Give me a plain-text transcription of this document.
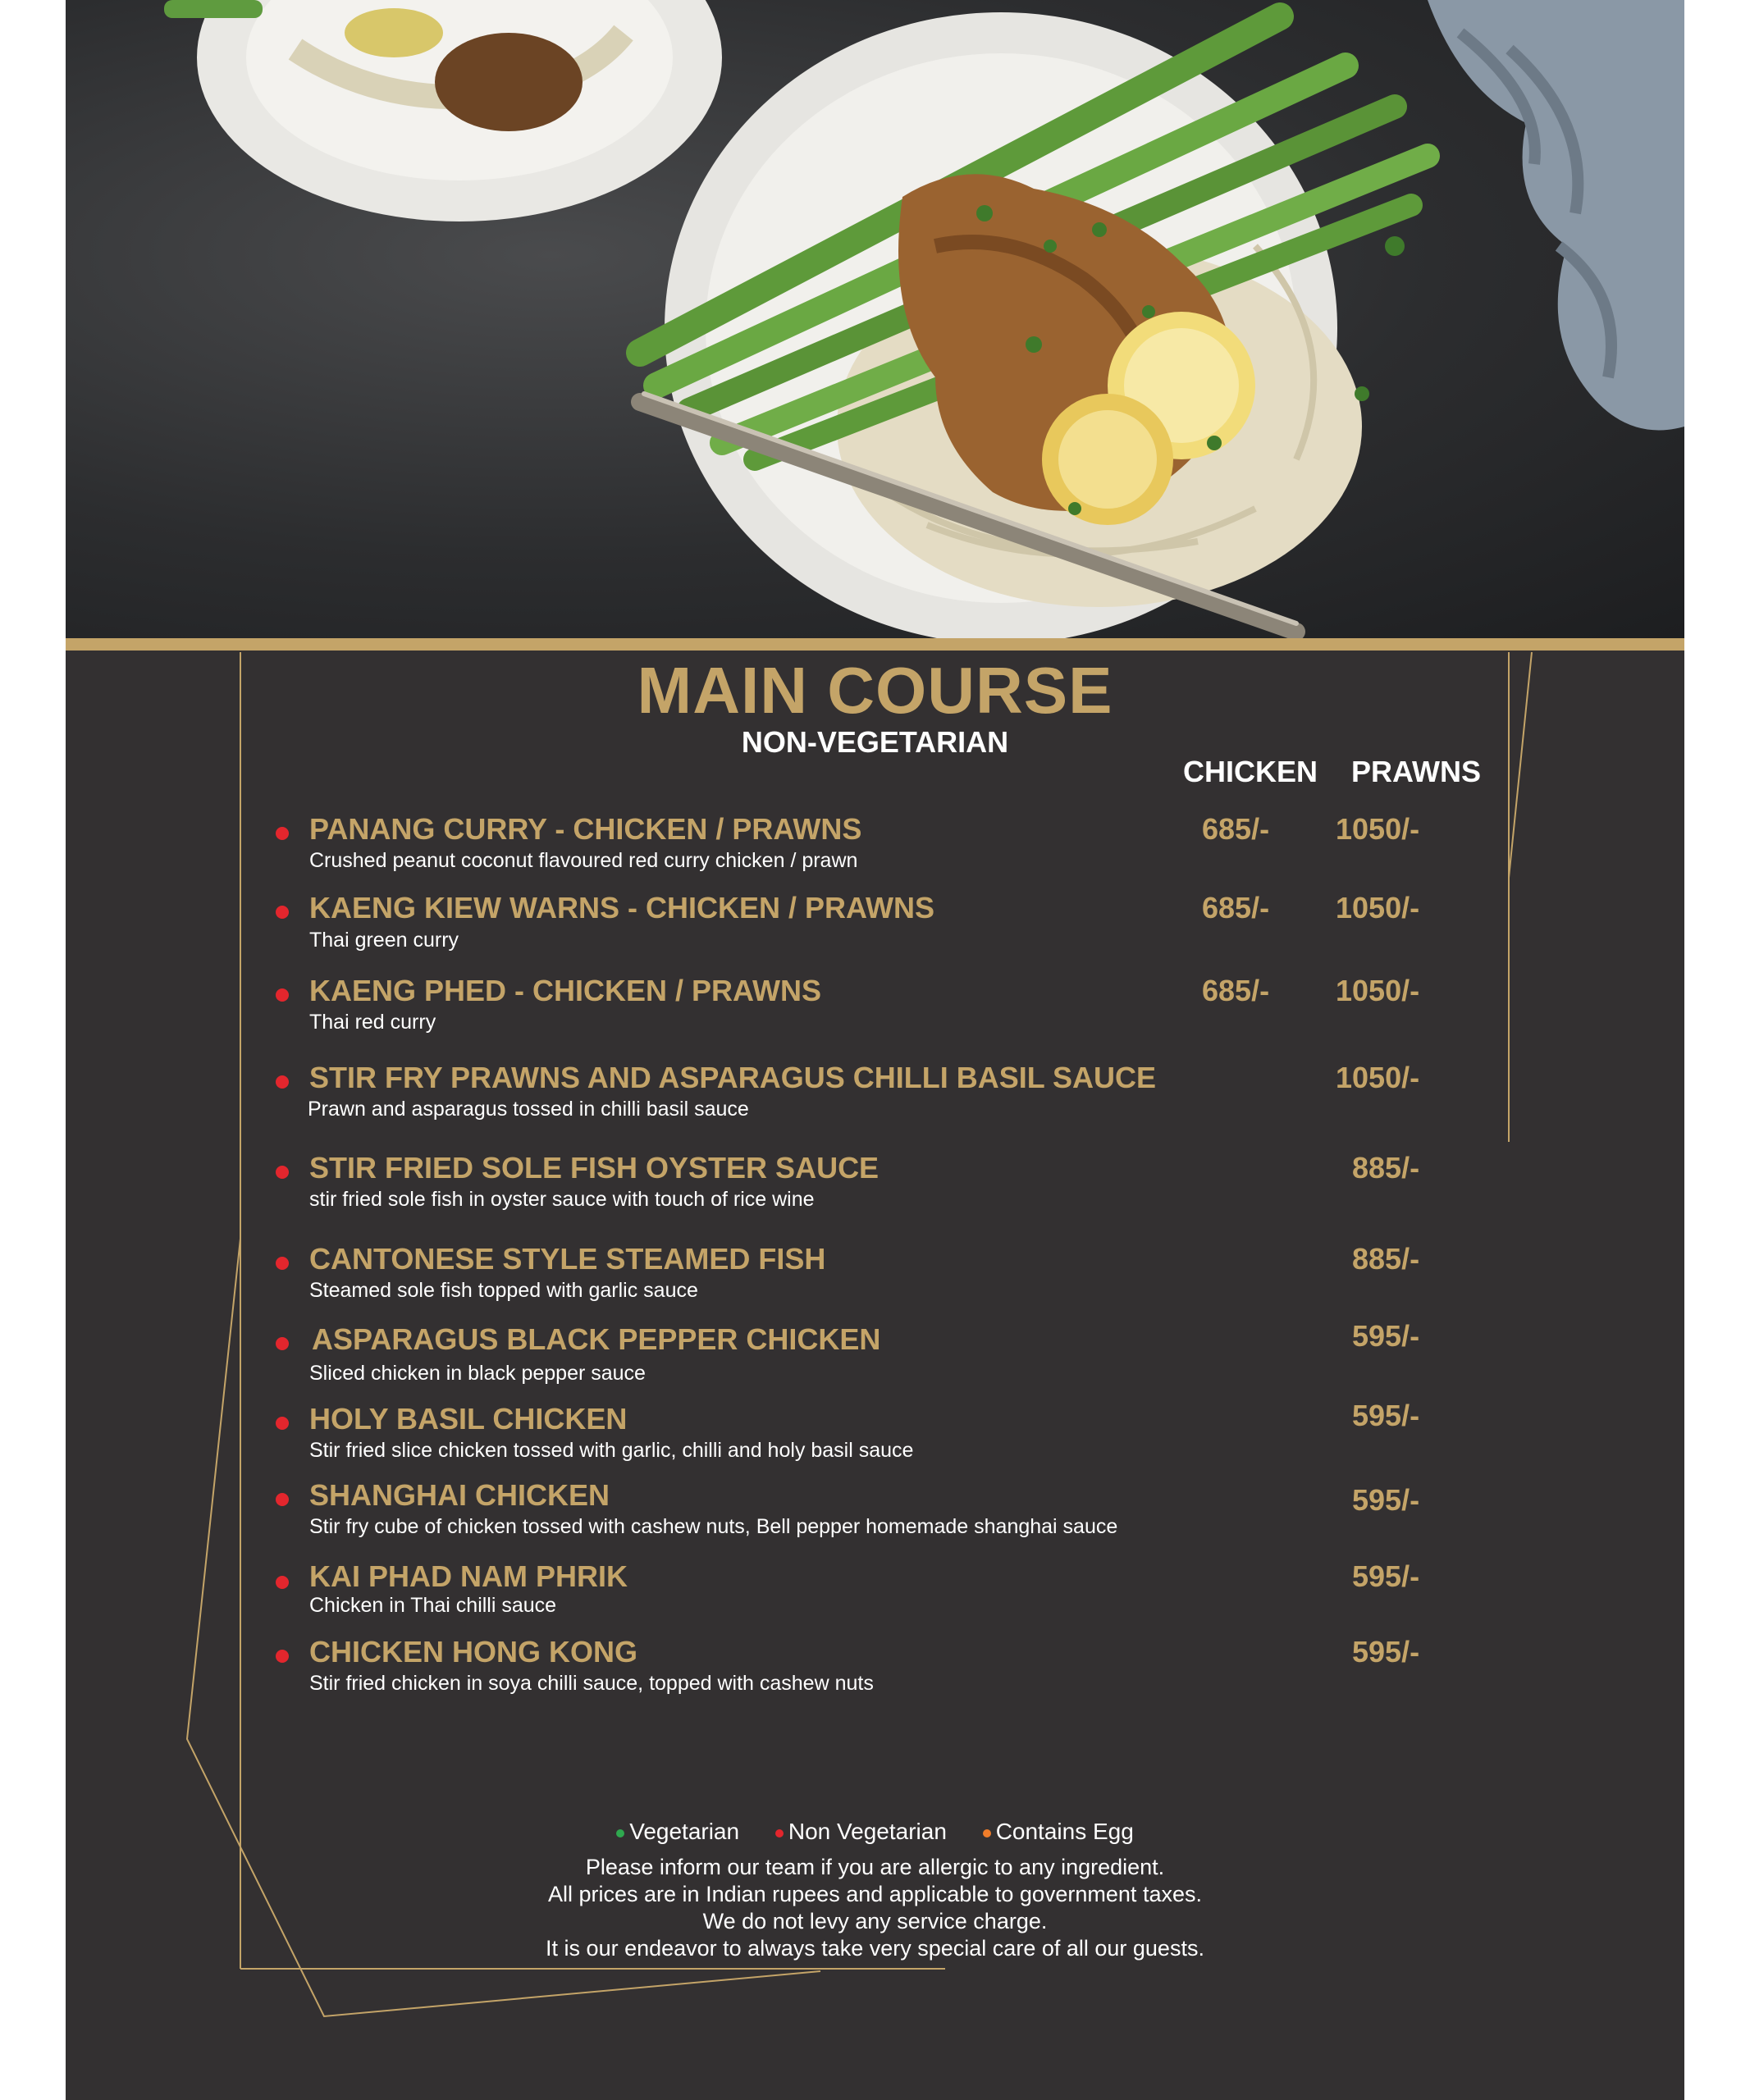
MAIN COURSE
NON-VEGETARIAN
CHICKEN PRAWNS
PANANG CURRY - CHICKEN / PRAWNS
Crushed peanut coconut flavoured red curry chicken / prawn
685/- 1050/-
KAENG KIEW WARNS - CHICKEN / PRAWNS
Thai green curry
685/- 1050/-
KAENG PHED - CHICKEN / PRAWNS
Thai red curry
685/- 1050/-
STIR FRY PRAWNS AND ASPARAGUS CHILLI BASIL SAUCE
Prawn and asparagus tossed in chilli basil sauce
1050/-
STIR FRIED SOLE FISH OYSTER SAUCE
stir fried sole fish in oyster sauce with touch of rice wine
885/-
CANTONESE STYLE STEAMED FISH
Steamed sole fish topped with garlic sauce
885/-
ASPARAGUS BLACK PEPPER CHICKEN
Sliced chicken in black pepper sauce
595/-
HOLY BASIL CHICKEN
Stir fried slice chicken tossed with garlic, chilli and holy basil sauce
595/-
SHANGHAI CHICKEN
Stir fry cube of chicken tossed with cashew nuts, Bell pepper homemade shanghai sauce
595/-
KAI PHAD NAM PHRIK
Chicken in Thai chilli sauce
595/-
CHICKEN HONG KONG
Stir fried chicken in soya chilli sauce, topped with cashew nuts
595/-
Vegetarian Non Vegetarian Contains Egg
Please inform our team if you are allergic to any ingredient.
All prices are in Indian rupees and applicable to government taxes.
We do not levy any service charge.
It is our endeavor to always take very special care of all our guests.
